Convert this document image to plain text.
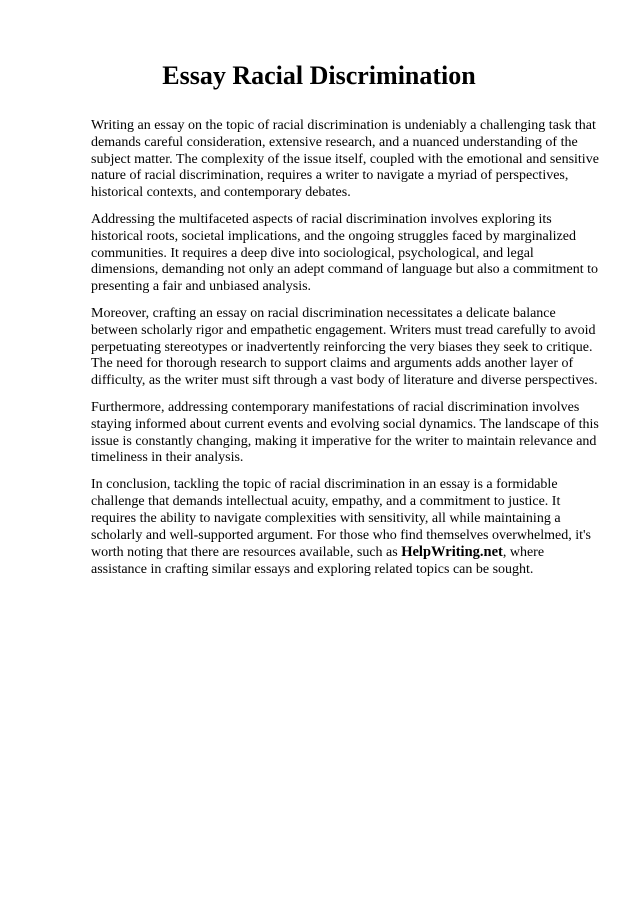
Essay Racial Discrimination

Writing an essay on the topic of racial discrimination is undeniably a challenging task that demands careful consideration, extensive research, and a nuanced understanding of the subject matter. The complexity of the issue itself, coupled with the emotional and sensitive nature of racial discrimination, requires a writer to navigate a myriad of perspectives, historical contexts, and contemporary debates.

Addressing the multifaceted aspects of racial discrimination involves exploring its historical roots, societal implications, and the ongoing struggles faced by marginalized communities. It requires a deep dive into sociological, psychological, and legal dimensions, demanding not only an adept command of language but also a commitment to presenting a fair and unbiased analysis.

Moreover, crafting an essay on racial discrimination necessitates a delicate balance between scholarly rigor and empathetic engagement. Writers must tread carefully to avoid perpetuating stereotypes or inadvertently reinforcing the very biases they seek to critique. The need for thorough research to support claims and arguments adds another layer of difficulty, as the writer must sift through a vast body of literature and diverse perspectives.

Furthermore, addressing contemporary manifestations of racial discrimination involves staying informed about current events and evolving social dynamics. The landscape of this issue is constantly changing, making it imperative for the writer to maintain relevance and timeliness in their analysis.

In conclusion, tackling the topic of racial discrimination in an essay is a formidable challenge that demands intellectual acuity, empathy, and a commitment to justice. It requires the ability to navigate complexities with sensitivity, all while maintaining a scholarly and well-supported argument. For those who find themselves overwhelmed, it's worth noting that there are resources available, such as HelpWriting.net, where assistance in crafting similar essays and exploring related topics can be sought.
